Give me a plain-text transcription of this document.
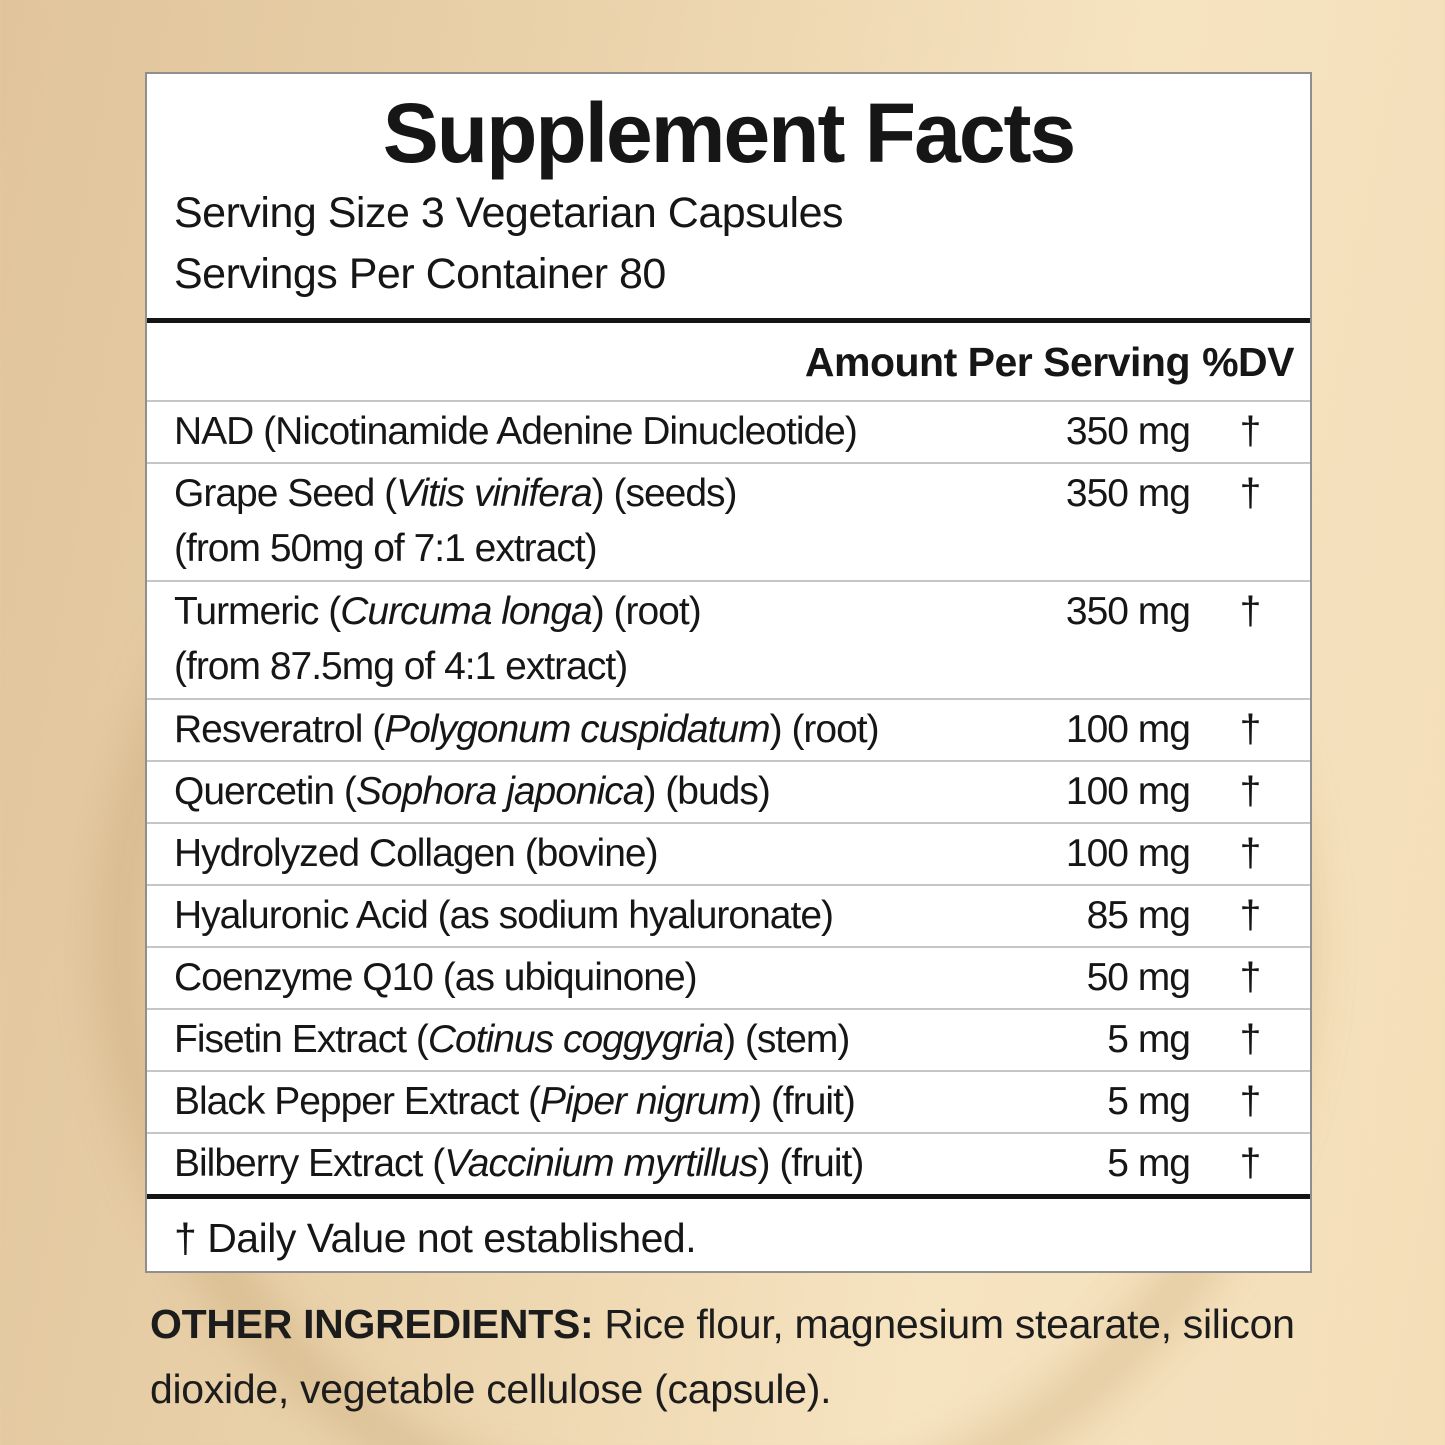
Supplement Facts
Serving Size 3 Vegetarian Capsules
Servings Per Container 80
Amount Per Serving %DV
NAD (Nicotinamide Adenine Dinucleotide)	350 mg	†
Grape Seed (Vitis vinifera) (seeds)	350 mg	†
(from 50mg of 7:1 extract)
Turmeric (Curcuma longa) (root)	350 mg	†
(from 87.5mg of 4:1 extract)
Resveratrol (Polygonum cuspidatum) (root)	100 mg	†
Quercetin (Sophora japonica) (buds)	100 mg	†
Hydrolyzed Collagen (bovine)	100 mg	†
Hyaluronic Acid (as sodium hyaluronate)	85 mg	†
Coenzyme Q10 (as ubiquinone)	50 mg	†
Fisetin Extract (Cotinus coggygria) (stem)	5 mg	†
Black Pepper Extract (Piper nigrum) (fruit)	5 mg	†
Bilberry Extract (Vaccinium myrtillus) (fruit)	5 mg	†
† Daily Value not established.
OTHER INGREDIENTS: Rice flour, magnesium stearate, silicon dioxide, vegetable cellulose (capsule).
